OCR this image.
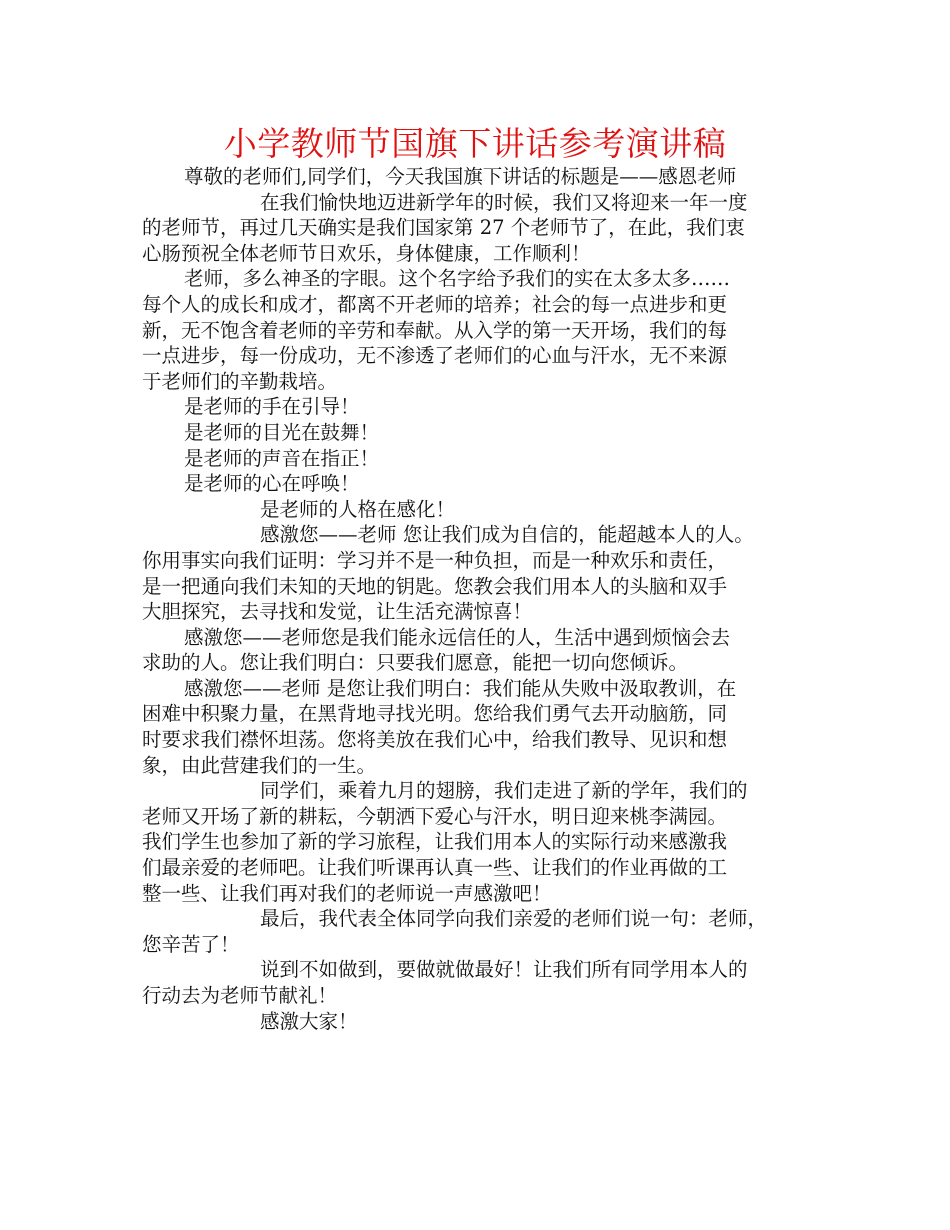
小学教师节国旗下讲话参考演讲稿
尊敬的老师们,同学们，今天我国旗下讲话的标题是——感恩老师
在我们愉快地迈进新学年的时候，我们又将迎来一年一度
的老师节，再过几天确实是我们国家第 27 个老师节了，在此，我们衷
心肠预祝全体老师节日欢乐，身体健康，工作顺利！
老师，多么神圣的字眼。这个名字给予我们的实在太多太多……
每个人的成长和成才，都离不开老师的培养；社会的每一点进步和更
新，无不饱含着老师的辛劳和奉献。从入学的第一天开场，我们的每
一点进步，每一份成功，无不渗透了老师们的心血与汗水，无不来源
于老师们的辛勤栽培。
是老师的手在引导！
是老师的目光在鼓舞！
是老师的声音在指正！
是老师的心在呼唤！
是老师的人格在感化！
感激您——老师 您让我们成为自信的，能超越本人的人。
你用事实向我们证明：学习并不是一种负担，而是一种欢乐和责任，
是一把通向我们未知的天地的钥匙。您教会我们用本人的头脑和双手
大胆探究，去寻找和发觉，让生活充满惊喜！
感激您——老师您是我们能永远信任的人，生活中遇到烦恼会去
求助的人。您让我们明白：只要我们愿意，能把一切向您倾诉。
感激您——老师 是您让我们明白：我们能从失败中汲取教训，在
困难中积聚力量，在黑背地寻找光明。您给我们勇气去开动脑筋，同
时要求我们襟怀坦荡。您将美放在我们心中，给我们教导、见识和想
象，由此营建我们的一生。
同学们，乘着九月的翅膀，我们走进了新的学年，我们的
老师又开场了新的耕耘，今朝洒下爱心与汗水，明日迎来桃李满园。
我们学生也参加了新的学习旅程，让我们用本人的实际行动来感激我
们最亲爱的老师吧。让我们听课再认真一些、让我们的作业再做的工
整一些、让我们再对我们的老师说一声感激吧！
最后，我代表全体同学向我们亲爱的老师们说一句：老师，
您辛苦了！
说到不如做到，要做就做最好！让我们所有同学用本人的
行动去为老师节献礼！
感激大家！
